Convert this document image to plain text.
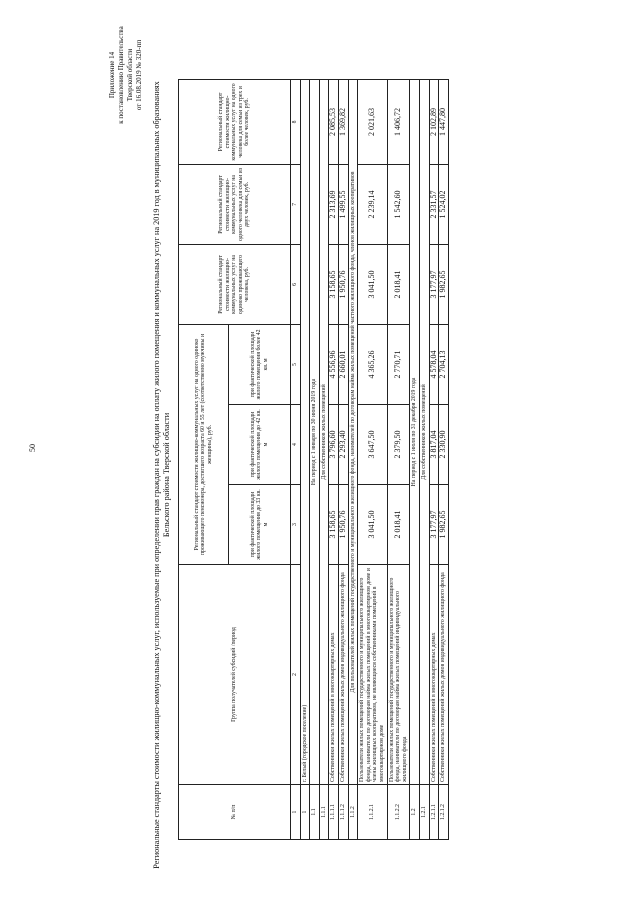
50
Приложение 14 к постановлению Правительства Тверской области от 16.08.2019 № 320-пп
Региональные стандарты стоимости жилищно-коммунальных услуг, используемые при определении прав граждан на субсидии на оплату жилого помещения и коммунальных услуг на 2019 год в муниципальных образованиях Бельского района Тверской области
№ п/п	Группа получателей субсидий /период	Региональный стандарт стоимости жилищно-коммунальных услуг на одного одиноко проживающего пенсионера, достигшего возраста 60 и 55 лет (соответственно мужчины и женщины), руб.			Региональный стандарт стоимости жилищно-коммунальных услуг на одиноко проживающего человека, руб.	Региональный стандарт стоимости жилищно-коммунальных услуг на одного человека для семьи из двух человек, руб.	Региональный стандарт стоимости жилищно-коммунальных услуг на одного человека для семьи из трех и более человек, руб.
		при фактической площади жилого помещения до 33 кв. м	при фактической площади жилого помещения до 42 кв. м	при фактической площади жилого помещения более 42 кв. м			
1	2	3	4	5	6	7	8
1	г. Белый (городское поселение)						
1.1	На период с 1 января по 30 июня 2019 года						
1.1.1	Для собственников жилых помещений						
1.1.1.1	Собственники жилых помещений в многоквартирных домах	3 158,65	3 796,60	4 556,96	3 158,65	2 313,69	2 085,53
1.1.1.2	Собственники жилых помещений жилых домов индивидуального жилищного фонда	1 950,76	2 293,40	2 660,01	1 950,76	1 499,55	1 369,82
1.1.2	Для пользователей жилых помещений государственного и муниципального жилищного фонда, нанимателей по договорам найма жилых помещений частного жилищного фонда, членов жилищных кооперативов						
1.1.2.1	Пользователи жилых помещений государственного и муниципального жилищного фонда, наниматели по договорам найма жилых помещений в многоквартирном доме и члены жилищных кооперативов, не являющиеся собственниками помещений в многоквартирном доме	3 041,50	3 647,50	4 365,26	3 041,50	2 239,14	2 021,63
1.1.2.2	Пользователи жилых помещений государственного и муниципального жилищного фонда, наниматели по договорам найма жилых помещений индивидуального жилищного фонда	2 018,41	2 379,50	2 770,71	2 018,41	1 542,60	1 406,72
1.2	На период с 1 июля по 31 декабря 2019 года						
1.2.1	Для собственников жилых помещений						
1.2.1.1	Собственники жилых помещений в многоквартирных домах	3 177,97	3 817,04	4 578,04	3 177,97	2 331,57	2 102,89
1.2.1.2	Собственники жилых помещений жилых домов индивидуального жилищного фонда	1 982,65	2 330,90	2 704,13	1 982,65	1 524,02	1 447,80
